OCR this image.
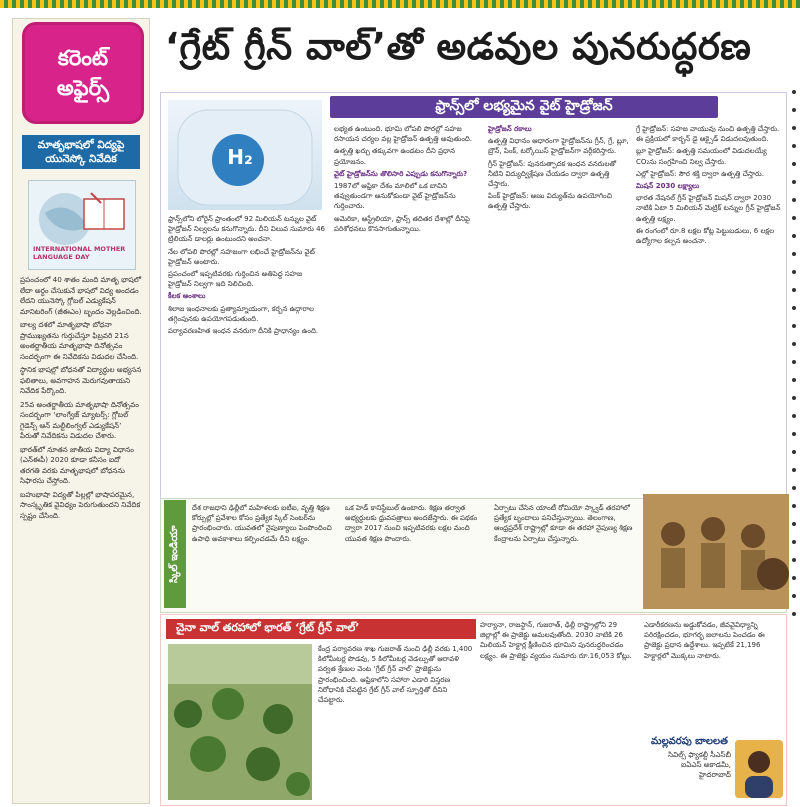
కరెంట్
అఫైర్స్
మాతృభాషలో విద్యపై యునెస్కో నివేదిక
INTERNATIONAL MOTHER LANGUAGE DAY

ప్రపంచంలో 40 శాతం మంది మాతృ భాషలో లేదా అర్థం చేసుకునే భాషలో విద్య అందడం లేదని యునెస్కో గ్లోబల్ ఎడ్యుకేషన్ మానిటరింగ్ (జీఈఎం) బృందం వెల్లడించింది.

బాల్య దశలో మాతృభాషా బోధనా ప్రాముఖ్యతను గుర్తుచేస్తూ ఫిబ్రవరి 21న అంతర్జాతీయ మాతృభాషా దినోత్సవం సందర్భంగా ఈ నివేదికను విడుదల చేసింది.

స్థానిక భాషల్లో బోధనతో విద్యార్థుల అభ్యసన ఫలితాలు, అవగాహన మెరుగవుతాయని నివేదిక పేర్కొంది.

25వ అంతర్జాతీయ మాతృభాషా దినోత్సవం సందర్భంగా ‘లాంగ్వేజ్ మ్యాటర్స్: గ్లోబల్ గైడెన్స్ ఆన్ మల్టీలింగ్వల్ ఎడ్యుకేషన్’ పేరుతో నివేదికను విడుదల చేశారు.

భారత్‌లో నూతన జాతీయ విద్యా విధానం (ఎన్ఈపీ) 2020 కూడా కనీసం ఐదో తరగతి వరకు మాతృభాషలో బోధనను సిఫారసు చేస్తోంది.

బహుభాషా విద్యతో పిల్లల్లో భాషాపరమైన, సాంస్కృతిక వైవిధ్యం పెరుగుతుందని నివేదిక స్పష్టం చేసింది.

‘గ్రేట్ గ్రీన్ వాల్’తో అడవుల పునరుద్ధరణ
H₂
ఫ్రాన్స్‌లో లభ్యమైన వైట్ హైడ్రోజన్

ఫ్రాన్స్‌లోని లోరైన్ ప్రాంతంలో 92 మిలియన్ టన్నుల వైట్ హైడ్రోజన్ నిల్వలను కనుగొన్నారు. దీని విలువ సుమారు 46 ట్రిలియన్ డాలర్లు ఉంటుందని అంచనా.

నేల లోపలి పొరల్లో సహజంగా లభించే హైడ్రోజన్‌ను వైట్ హైడ్రోజన్ అంటారు.

ప్రపంచంలో ఇప్పటివరకు గుర్తించిన అతిపెద్ద సహజ హైడ్రోజన్ నిల్వగా ఇది నిలిచింది.

కీలక అంశాలు

శిలాజ ఇంధనాలకు ప్రత్యామ్నాయంగా, కర్బన ఉద్గారాల తగ్గింపునకు ఉపయోగపడుతుంది.

పర్యావరణహిత ఇంధన వనరుగా దీనికి ప్రాధాన్యం ఉంది.

లభ్యత ఉంటుంది. భూమి లోపలి పొరల్లో సహజ రసాయన చర్యల వల్ల హైడ్రోజన్ ఉత్పత్తి అవుతుంది.

ఉత్పత్తి ఖర్చు తక్కువగా ఉండటం దీని ప్రధాన ప్రయోజనం.

వైట్ హైడ్రోజన్‌ను తొలిసారి ఎప్పుడు కనుగొన్నారు?

1987లో ఆఫ్రికా దేశం మాలిలో ఒక బావిని తవ్వుతుండగా అనుకోకుండా వైట్ హైడ్రోజన్‌ను గుర్తించారు.

అమెరికా, ఆస్ట్రేలియా, ఫ్రాన్స్ తదితర దేశాల్లో దీనిపై పరిశోధనలు కొనసాగుతున్నాయి.

హైడ్రోజన్ రకాలు

ఉత్పత్తి విధానం ఆధారంగా హైడ్రోజన్‌ను గ్రీన్, గ్రే, బ్లూ, బ్రౌన్, పింక్, టర్కోయిస్ హైడ్రోజన్‌గా వర్గీకరిస్తారు.

గ్రీన్ హైడ్రోజన్: పునరుత్పాదక ఇంధన వనరులతో నీటిని విద్యుద్విశ్లేషణ చేయడం ద్వారా ఉత్పత్తి చేస్తారు.

పింక్ హైడ్రోజన్: అణు విద్యుత్‌ను ఉపయోగించి ఉత్పత్తి చేస్తారు.

గ్రే హైడ్రోజన్: సహజ వాయువు నుంచి ఉత్పత్తి చేస్తారు. ఈ ప్రక్రియలో కార్బన్ డై ఆక్సైడ్ విడుదలవుతుంది.

బ్లూ హైడ్రోజన్: ఉత్పత్తి సమయంలో విడుదలయ్యే CO₂ను సంగ్రహించి నిల్వ చేస్తారు.

ఎల్లో హైడ్రోజన్: సౌర శక్తి ద్వారా ఉత్పత్తి చేస్తారు.

మిషన్ 2030 లక్ష్యాలు

భారత నేషనల్ గ్రీన్ హైడ్రోజన్ మిషన్ ద్వారా 2030 నాటికి ఏటా 5 మిలియన్ మెట్రిక్ టన్నుల గ్రీన్ హైడ్రోజన్ ఉత్పత్తి లక్ష్యం.

ఈ రంగంలో రూ.8 లక్షల కోట్ల పెట్టుబడులు, 6 లక్షల ఉద్యోగాల కల్పన అంచనా.

స్కిల్ ఇండియా

దేశ రాజధాని ఢిల్లీలో మహిళలకు ఐటీఐ, వృత్తి శిక్షణ కోర్సుల్లో ప్రవేశాల కోసం ప్రత్యేక స్కిల్ సెంటర్‌ను ప్రారంభించారు. యువతలో నైపుణ్యాలు పెంపొందించి ఉపాధి అవకాశాలు కల్పించడమే దీని లక్ష్యం.

ఒక హెడ్ కానిస్టేబుల్ ఉంటారు. శిక్షణ తర్వాత అభ్యర్థులకు ధ్రువపత్రాలు అందజేస్తారు. ఈ పథకం ద్వారా 2017 నుంచి ఇప్పటివరకు లక్షల మంది యువత శిక్షణ పొందారు.

ఏర్పాటు చేసిన యాంటీ రోమియో స్క్వాడ్ తరహాలో ప్రత్యేక బృందాలు పనిచేస్తున్నాయి. తెలంగాణ, ఆంధ్రప్రదేశ్ రాష్ట్రాల్లో కూడా ఈ తరహా నైపుణ్య శిక్షణ కేంద్రాలను ఏర్పాటు చేస్తున్నారు.

చైనా వాల్ తరహాలో భారత్ ‘గ్రేట్ గ్రీన్ వాల్’

కేంద్ర పర్యావరణ శాఖ గుజరాత్ నుంచి ఢిల్లీ వరకు 1,400 కిలోమీటర్ల పొడవు, 5 కిలోమీటర్ల వెడల్పుతో ఆరావళి పర్వత శ్రేణుల వెంట ‘గ్రేట్ గ్రీన్ వాల్’ ప్రాజెక్టును ప్రారంభించింది. ఆఫ్రికాలోని సహారా ఎడారి విస్తరణ నిరోధానికి చేపట్టిన గ్రేట్ గ్రీన్ వాల్ స్ఫూర్తితో దీనిని చేపట్టారు.

హర్యానా, రాజస్థాన్, గుజరాత్, ఢిల్లీ రాష్ట్రాల్లోని 29 జిల్లాల్లో ఈ ప్రాజెక్టు అమలవుతోంది. 2030 నాటికి 26 మిలియన్ హెక్టార్ల క్షీణించిన భూమిని పునరుద్ధరించడం లక్ష్యం. ఈ ప్రాజెక్టు వ్యయం సుమారు రూ.16,053 కోట్లు.

ఎడారీకరణను అడ్డుకోవడం, జీవవైవిధ్యాన్ని పరిరక్షించడం, భూగర్భ జలాలను పెంచడం ఈ ప్రాజెక్టు ప్రధాన ఉద్దేశాలు. ఇప్పటికే 21,196 హెక్టార్లలో మొక్కలు నాటారు.

మల్లవరపు బాలలత
సివిల్స్ ఫ్యాకల్టీ సీఎస్‌బీ ఐఏఎస్ అకాడమీ, హైదరాబాద్
